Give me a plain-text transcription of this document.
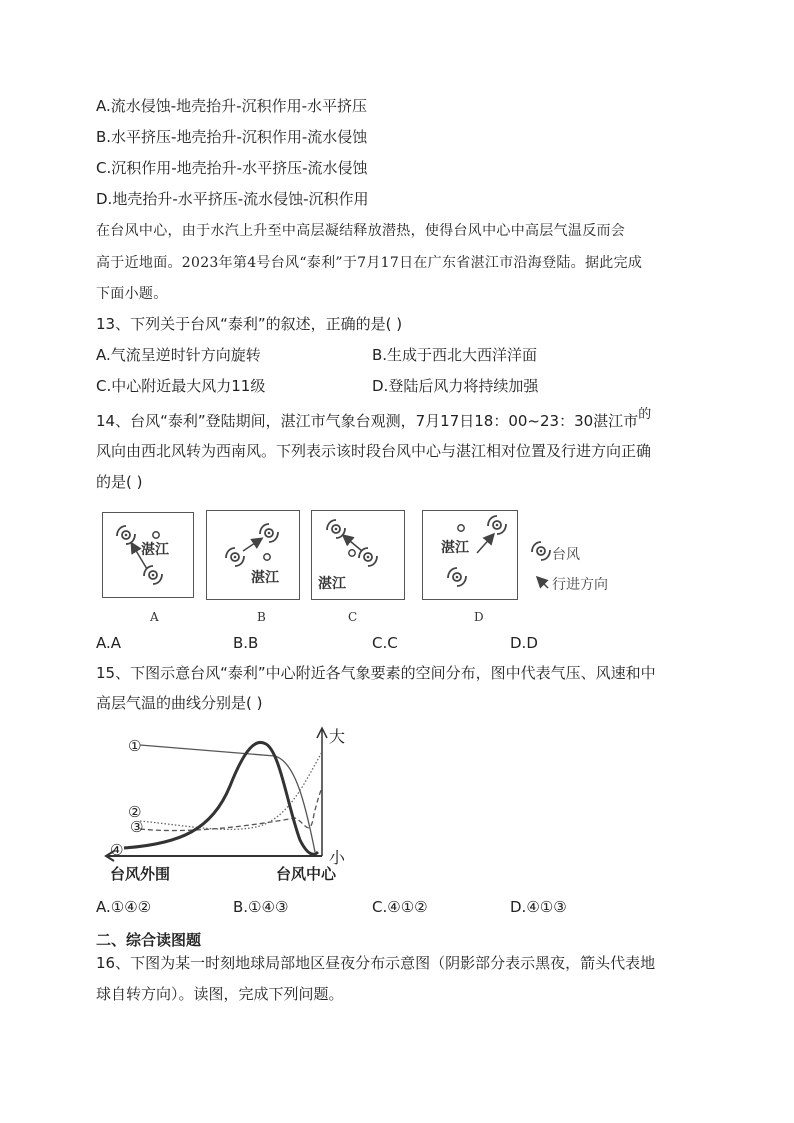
A.流水侵蚀-地壳抬升-沉积作用-水平挤压
B.水平挤压-地壳抬升-沉积作用-流水侵蚀
C.沉积作用-地壳抬升-水平挤压-流水侵蚀
D.地壳抬升-水平挤压-流水侵蚀-沉积作用
在台风中心，由于水汽上升至中高层凝结释放潜热，使得台风中心中高层气温反而会
高于近地面。2023年第4号台风“泰利”于7月17日在广东省湛江市沿海登陆。据此完成
下面小题。
13、下列关于台风“泰利”的叙述，正确的是( )
A.气流呈逆时针方向旋转	B.生成于西北大西洋洋面
C.中心附近最大风力11级	D.登陆后风力将持续加强
14、台风“泰利”登陆期间，湛江市气象台观测，7月17日18：00~23：30湛江市的
风向由西北风转为西南风。下列表示该时段台风中心与湛江相对位置及行进方向正确
的是( )
湛江
湛江	湛江
湛江	台风
行进方向
A	B	C	D
A.A	B.B	C.C	D.D
15、下图示意台风“泰利”中心附近各气象要素的空间分布，图中代表气压、风速和中
高层气温的曲线分别是( )
①
②
③
④
大
小
台风外围	台风中心
A.①④②	B.①④③	C.④①②	D.④①③
二、综合读图题
16、下图为某一时刻地球局部地区昼夜分布示意图（阴影部分表示黑夜，箭头代表地
球自转方向）。读图，完成下列问题。
